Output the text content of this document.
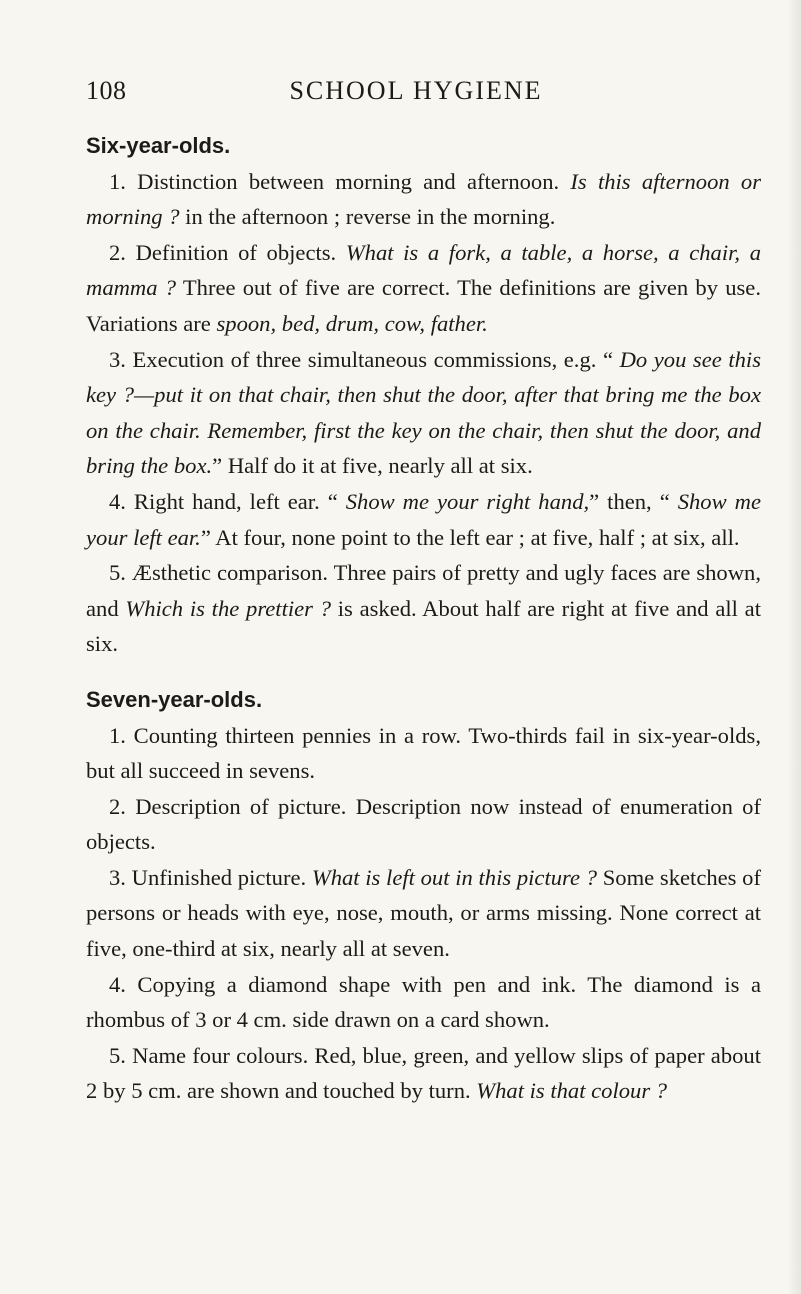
108	SCHOOL HYGIENE
Six-year-olds.

1. Distinction between morning and afternoon. Is this afternoon or morning ? in the afternoon ; reverse in the morning.

2. Definition of objects. What is a fork, a table, a horse, a chair, a mamma ? Three out of five are correct. The definitions are given by use. Variations are spoon, bed, drum, cow, father.

3. Execution of three simultaneous commissions, e.g. “ Do you see this key ?—put it on that chair, then shut the door, after that bring me the box on the chair. Remember, first the key on the chair, then shut the door, and bring the box.” Half do it at five, nearly all at six.

4. Right hand, left ear. “ Show me your right hand,” then, “ Show me your left ear.” At four, none point to the left ear ; at five, half ; at six, all.

5. Æsthetic comparison. Three pairs of pretty and ugly faces are shown, and Which is the prettier ? is asked. About half are right at five and all at six.

Seven-year-olds.

1. Counting thirteen pennies in a row. Two-thirds fail in six-year-olds, but all succeed in sevens.

2. Description of picture. Description now instead of enumeration of objects.

3. Unfinished picture. What is left out in this picture ? Some sketches of persons or heads with eye, nose, mouth, or arms missing. None correct at five, one-third at six, nearly all at seven.

4. Copying a diamond shape with pen and ink. The diamond is a rhombus of 3 or 4 cm. side drawn on a card shown.

5. Name four colours. Red, blue, green, and yellow slips of paper about 2 by 5 cm. are shown and touched by turn. What is that colour ?
